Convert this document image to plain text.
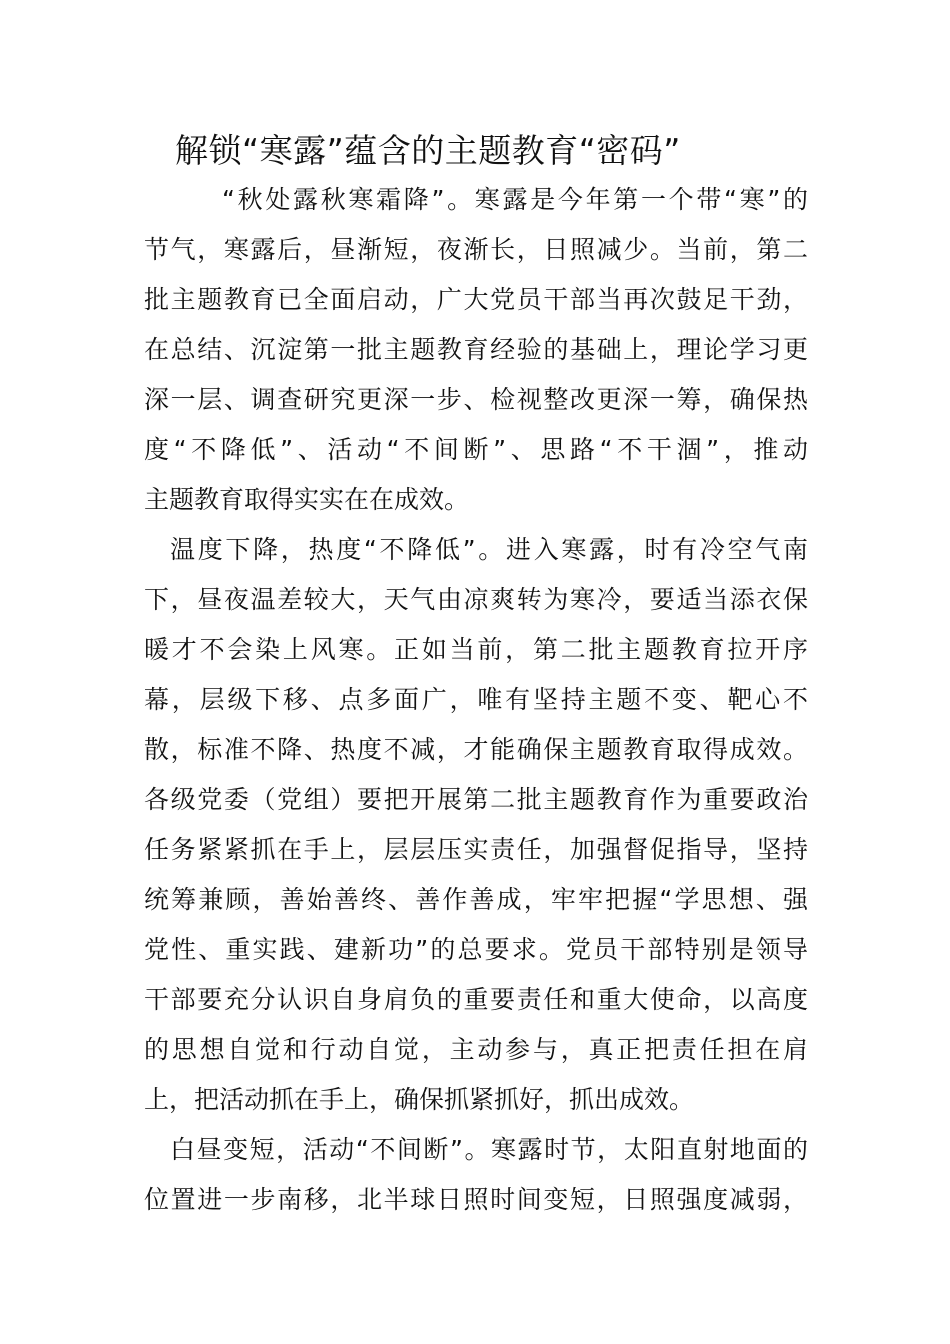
解锁“寒露”蕴含的主题教育“密码”
“秋处露秋寒霜降”。寒露是今年第一个带“寒”的
节气，寒露后，昼渐短，夜渐长，日照减少。当前，第二
批主题教育已全面启动，广大党员干部当再次鼓足干劲，
在总结、沉淀第一批主题教育经验的基础上，理论学习更
深一层、调查研究更深一步、检视整改更深一筹，确保热
度“不降低”、活动“不间断”、思路“不干涸”，推动
主题教育取得实实在在成效。
温度下降，热度“不降低”。进入寒露，时有冷空气南
下，昼夜温差较大，天气由凉爽转为寒冷，要适当添衣保
暖才不会染上风寒。正如当前，第二批主题教育拉开序
幕，层级下移、点多面广，唯有坚持主题不变、靶心不
散，标准不降、热度不减，才能确保主题教育取得成效。
各级党委（党组）要把开展第二批主题教育作为重要政治
任务紧紧抓在手上，层层压实责任，加强督促指导，坚持
统筹兼顾，善始善终、善作善成，牢牢把握“学思想、强
党性、重实践、建新功”的总要求。党员干部特别是领导
干部要充分认识自身肩负的重要责任和重大使命，以高度
的思想自觉和行动自觉，主动参与，真正把责任担在肩
上，把活动抓在手上，确保抓紧抓好，抓出成效。
白昼变短，活动“不间断”。寒露时节，太阳直射地面的
位置进一步南移，北半球日照时间变短，日照强度减弱，
